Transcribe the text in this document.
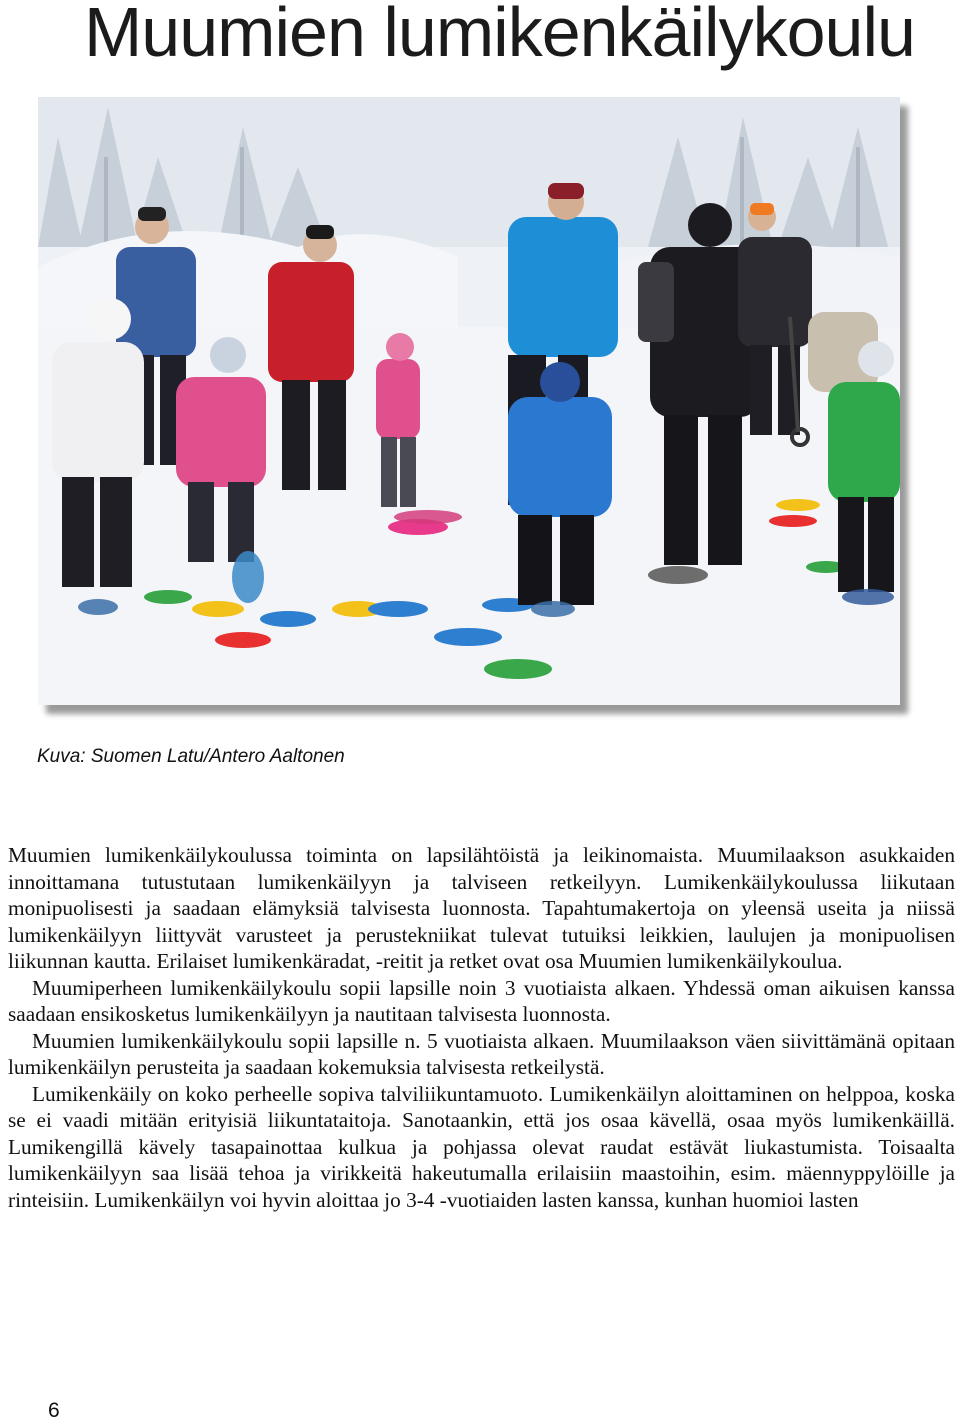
Muumien lumikenkäilykoulu

Kuva: Suomen Latu/Antero Aaltonen

Muumien lumikenkäilykoulussa toiminta on lapsilähtöistä ja leikinomaista. Muumilaakson asukkaiden innoittamana tutustutaan lumikenkäilyyn ja talviseen retkeilyyn. Lumikenkäilykoulussa liikutaan monipuolisesti ja saadaan elämyksiä talvisesta luonnosta. Tapahtumakertoja on yleensä useita ja niissä lumikenkäilyyn liittyvät varusteet ja perustekniikat tulevat tutuiksi leikkien, laulujen ja monipuolisen liikunnan kautta. Erilaiset lumikenkäradat, -reitit ja retket ovat osa Muumien lumikenkäilykoulua.

Muumiperheen lumikenkäilykoulu sopii lapsille noin 3 vuotiaista alkaen. Yhdessä oman aikuisen kanssa saadaan ensikosketus lumikenkäilyyn ja nautitaan talvisesta luonnosta.

Muumien lumikenkäilykoulu sopii lapsille n. 5 vuotiaista alkaen. Muumilaakson väen siivittämänä opitaan lumikenkäilyn perusteita ja saadaan kokemuksia talvisesta retkeilystä.

Lumikenkäily on koko perheelle sopiva talviliikuntamuoto. Lumikenkäilyn aloittaminen on helppoa, koska se ei vaadi mitään erityisiä liikuntataitoja. Sanotaankin, että jos osaa kävellä, osaa myös lumikenkäillä. Lumikengillä kävely tasapainottaa kulkua ja pohjassa olevat raudat estävät liukastumista. Toisaalta lumikenkäilyyn saa lisää tehoa ja virikkeitä hakeutumalla erilaisiin maastoihin, esim. mäennyppylöille ja rinteisiin. Lumikenkäilyn voi hyvin aloittaa jo 3-4 -vuotiaiden lasten kanssa, kunhan huomioi lasten

6
